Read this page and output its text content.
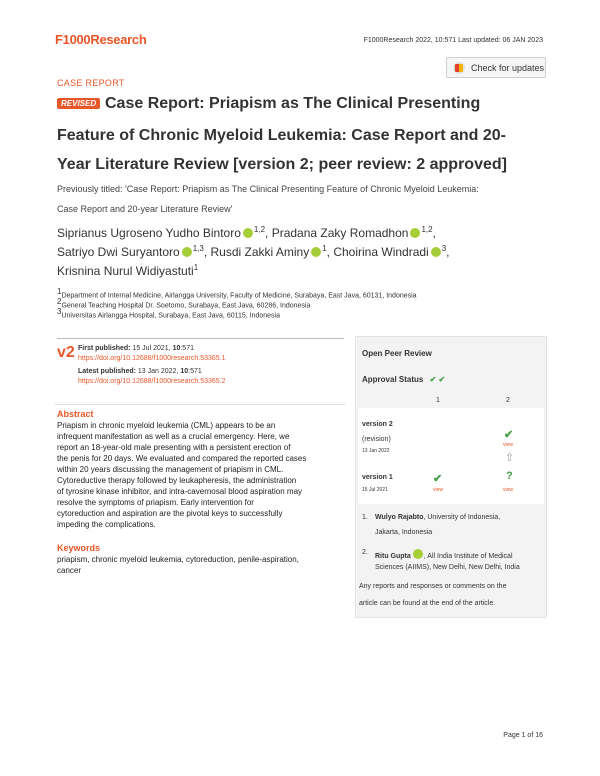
F1000Research	F1000Research 2022, 10:571 Last updated: 06 JAN 2023
Check for updates
CASE REPORT
REVISED Case Report: Priapism as The Clinical Presenting
Feature of Chronic Myeloid Leukemia: Case Report and 20-
Year Literature Review [version 2; peer review: 2 approved]
Previously titled: 'Case Report: Priapism as The Clinical Presenting Feature of Chronic Myeloid Leukemia:
Case Report and 20-year Literature Review'
Siprianus Ugroseno Yudho Bintoro $^{1,2}$, Pradana Zaky Romadhon $^{1,2}$,
Satriyo Dwi Suryantoro $^{1,3}$, Rusdi Zakki Aminy $^1$, Choirina Windradi $^3$,
Krisnina Nurul Widiyastuti$^1$
$^1$Department of Internal Medicine, Airlangga University, Faculty of Medicine, Surabaya, East Java, 60131, Indonesia
$^2$General Teaching Hospital Dr. Soetomo, Surabaya, East Java, 60286, Indonesia
$^3$Universitas Airlangga Hospital, Surabaya, East Java, 60115, Indonesia
v2 First published: 15 Jul 2021, 10:571
https://doi.org/10.12688/f1000research.53365.1
Latest published: 13 Jan 2022, 10:571
https://doi.org/10.12688/f1000research.53365.2
Abstract
Priapism in chronic myeloid leukemia (CML) appears to be an
infrequent manifestation as well as a crucial emergency. Here, we
report an 18-year-old male presenting with a persistent erection of
the penis for 20 days. We evaluated and compared the reported cases
within 20 years discussing the management of priapism in CML.
Cytoreductive therapy followed by leukapheresis, the administration
of tyrosine kinase inhibitor, and intra-cavernosal blood aspiration may
resolve the symptoms of priapism. Early intervention for
cytoreduction and aspiration are the pivotal keys to successfully
impeding the complications.
Keywords
priapism, chronic myeloid leukemia, cytoreduction, penile-aspiration,
cancer
Open Peer Review
Approval Status ✔ ✔
1	2
version 2
(revision)
13 Jan 2022
✔
view
⇧
version 1
15 Jul 2021
✔
view
?
view
1. Wulyo Rajabto, University of Indonesia,
Jakarta, Indonesia
2.
Ritu Gupta , All India Institute of Medical
Sciences (AIIMS), New Delhi, New Delhi, India
Any reports and responses or comments on the
article can be found at the end of the article.
Page 1 of 16
